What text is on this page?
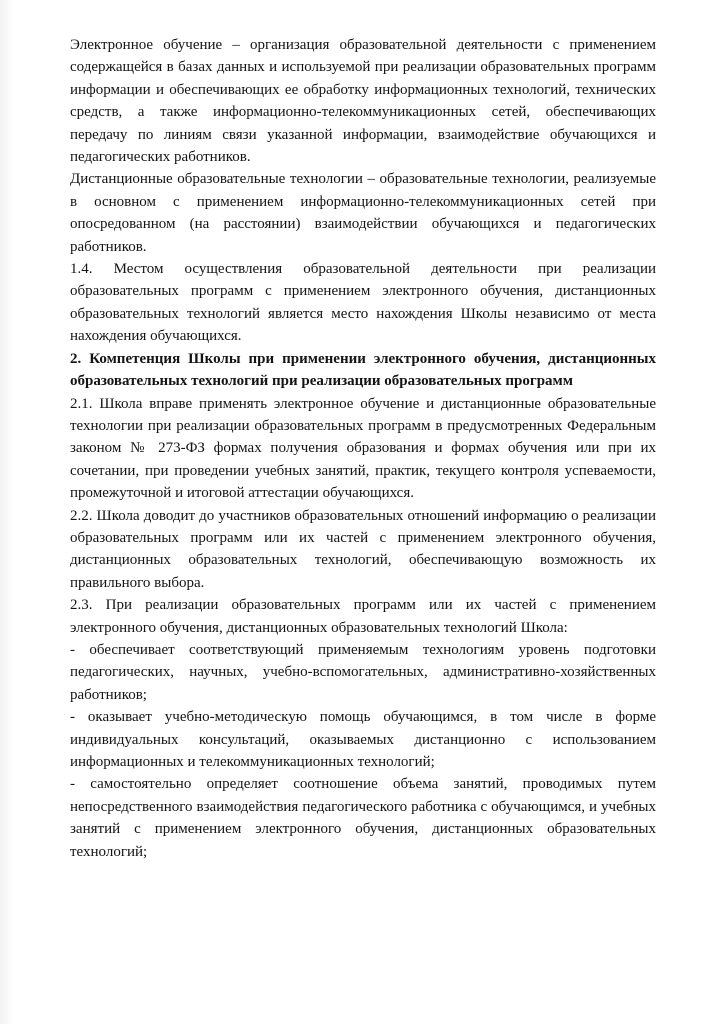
Электронное обучение – организация образовательной деятельности с применением содержащейся в базах данных и используемой при реализации образовательных программ информации и обеспечивающих ее обработку информационных технологий, технических средств, а также информационно-телекоммуникационных сетей, обеспечивающих передачу по линиям связи указанной информации, взаимодействие обучающихся и педагогических работников.

Дистанционные образовательные технологии – образовательные технологии, реализуемые в основном с применением информационно-телекоммуникационных сетей при опосредованном (на расстоянии) взаимодействии обучающихся и педагогических работников.

1.4. Местом осуществления образовательной деятельности при реализации образовательных программ с применением электронного обучения, дистанционных образовательных технологий является место нахождения Школы независимо от места нахождения обучающихся.

2. Компетенция Школы при применении электронного обучения, дистанционных образовательных технологий при реализации образовательных программ

2.1. Школа вправе применять электронное обучение и дистанционные образовательные технологии при реализации образовательных программ в предусмотренных Федеральным законом № 273-ФЗ формах получения образования и формах обучения или при их сочетании, при проведении учебных занятий, практик, текущего контроля успеваемости, промежуточной и итоговой аттестации обучающихся.

2.2. Школа доводит до участников образовательных отношений информацию о реализации образовательных программ или их частей с применением электронного обучения, дистанционных образовательных технологий, обеспечивающую возможность их правильного выбора.

2.3. При реализации образовательных программ или их частей с применением электронного обучения, дистанционных образовательных технологий Школа:

- обеспечивает соответствующий применяемым технологиям уровень подготовки педагогических, научных, учебно-вспомогательных, административно-хозяйственных работников;

- оказывает учебно-методическую помощь обучающимся, в том числе в форме индивидуальных консультаций, оказываемых дистанционно с использованием информационных и телекоммуникационных технологий;

- самостоятельно определяет соотношение объема занятий, проводимых путем непосредственного взаимодействия педагогического работника с обучающимся, и учебных занятий с применением электронного обучения, дистанционных образовательных технологий;
